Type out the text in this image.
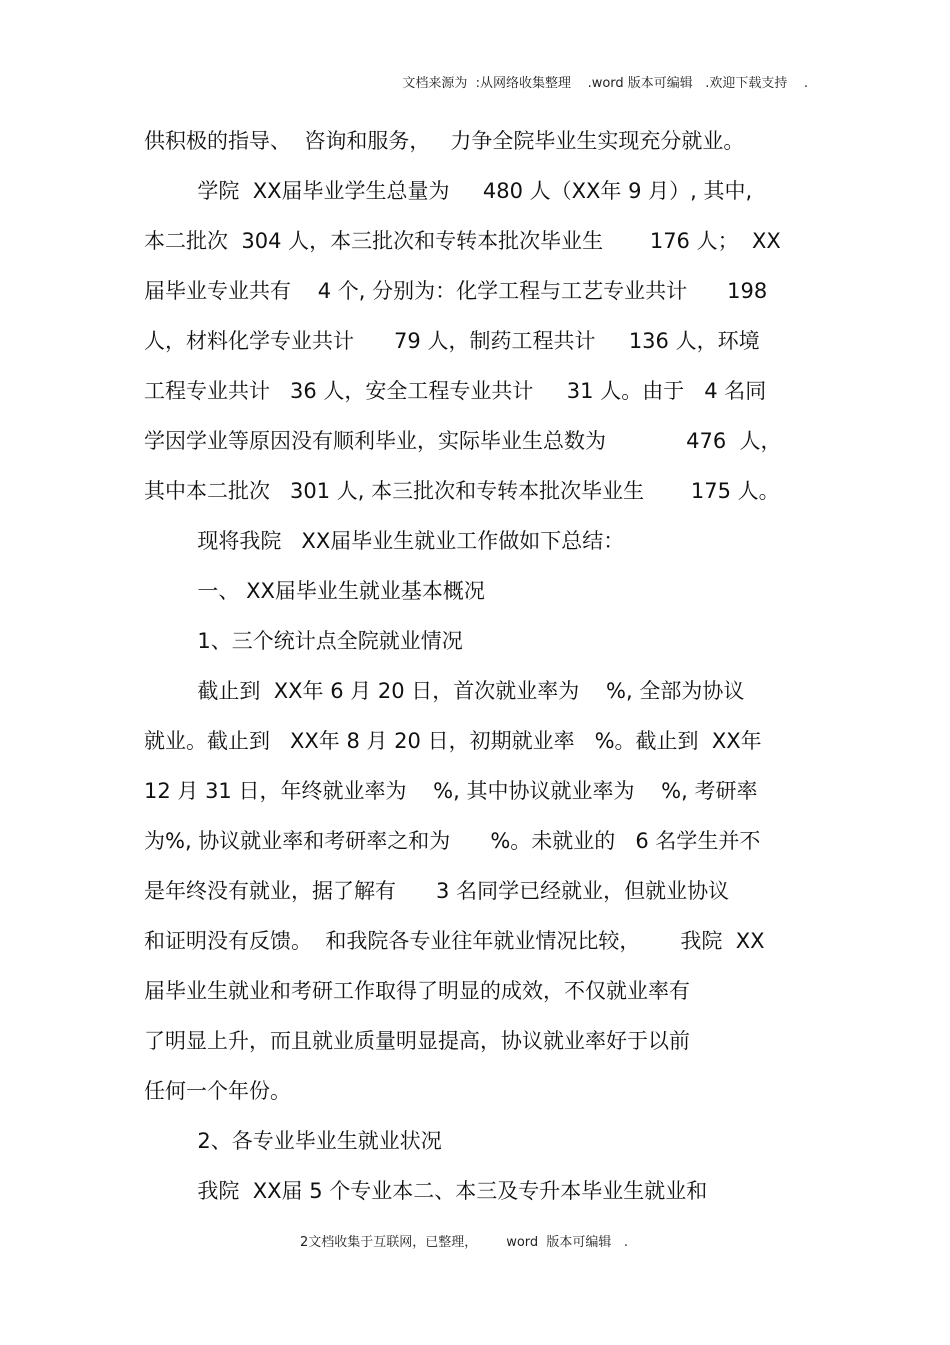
文档来源为  :从网络收集整理    .word 版本可编辑   .欢迎下载支持    .
供积极的指导、  咨询和服务，   力争全院毕业生实现充分就业。
学院  XX届毕业学生总量为     480 人（XX年 9 月）, 其中,
本二批次  304 人，本三批次和专转本批次毕业生       176 人；  XX
届毕业专业共有    4 个, 分别为：化学工程与工艺专业共计      198
人，材料化学专业共计      79 人，制药工程共计     136 人，环境
工程专业共计   36 人，安全工程专业共计     31 人。由于   4 名同
学因学业等原因没有顺利毕业，实际毕业生总数为            476  人，
其中本二批次   301 人, 本三批次和专转本批次毕业生       175 人。
现将我院   XX届毕业生就业工作做如下总结：
一、 XX届毕业生就业基本概况
1、三个统计点全院就业情况
截止到  XX年 6 月 20 日，首次就业率为    %, 全部为协议
就业。截止到   XX年 8 月 20 日，初期就业率   %。截止到  XX年
12 月 31 日，年终就业率为    %, 其中协议就业率为    %, 考研率
为%, 协议就业率和考研率之和为      %。未就业的   6 名学生并不
是年终没有就业，据了解有      3 名同学已经就业，但就业协议
和证明没有反馈。  和我院各专业往年就业情况比较，      我院  XX
届毕业生就业和考研工作取得了明显的成效，不仅就业率有
了明显上升，而且就业质量明显提高，协议就业率好于以前
任何一个年份。
2、各专业毕业生就业状况
我院  XX届 5 个专业本二、本三及专升本毕业生就业和
2文档收集于互联网，已整理，       word  版本可编辑   .
